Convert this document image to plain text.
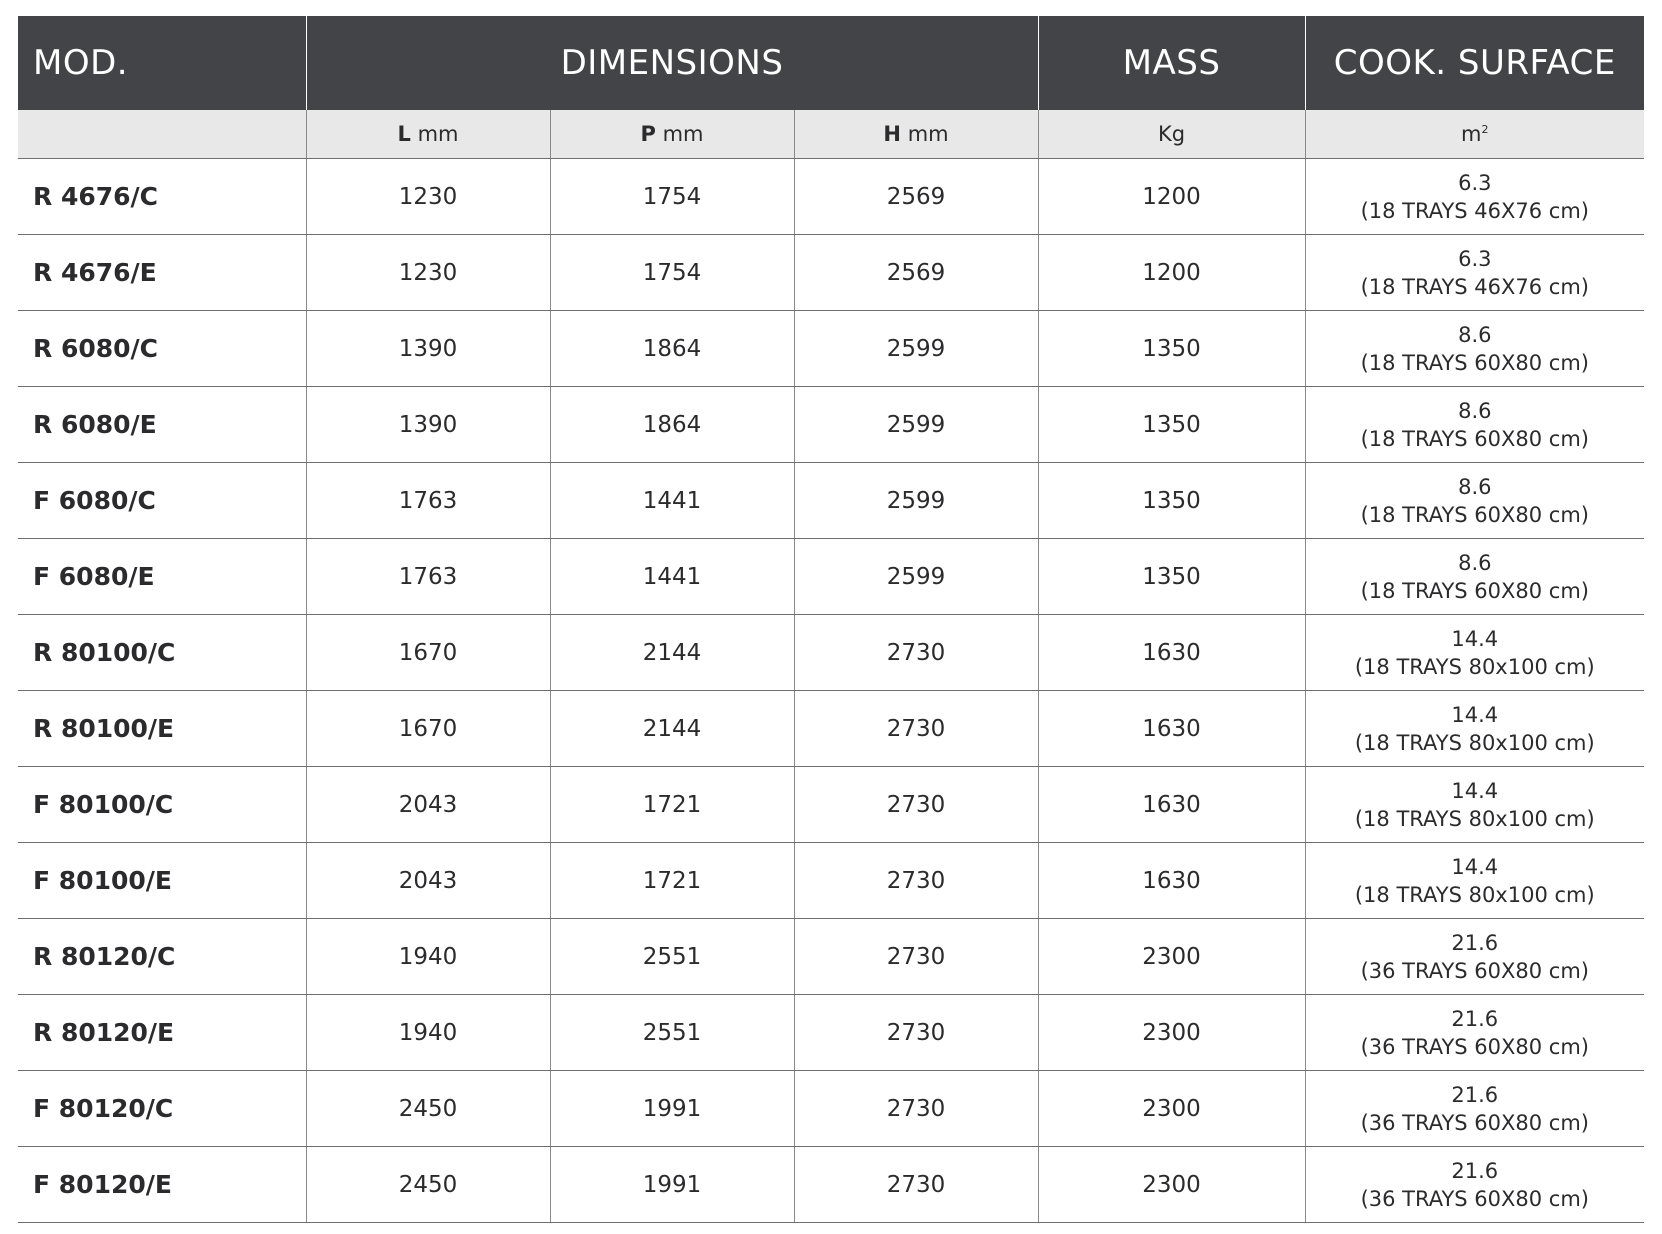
MOD.	DIMENSIONS			MASS	COOK. SURFACE
	L mm	P mm	H mm	Kg	$m^2$
R 4676/C	1230	1754	2569	1200	6.3
(18 TRAYS 46X76 cm)

R 4676/E	1230	1754	2569	1200	6.3
(18 TRAYS 46X76 cm)

R 6080/C	1390	1864	2599	1350	8.6
(18 TRAYS 60X80 cm)

R 6080/E	1390	1864	2599	1350	8.6
(18 TRAYS 60X80 cm)

F 6080/C	1763	1441	2599	1350	8.6
(18 TRAYS 60X80 cm)

F 6080/E	1763	1441	2599	1350	8.6
(18 TRAYS 60X80 cm)

R 80100/C	1670	2144	2730	1630	14.4
(18 TRAYS 80x100 cm)

R 80100/E	1670	2144	2730	1630	14.4
(18 TRAYS 80x100 cm)

F 80100/C	2043	1721	2730	1630	14.4
(18 TRAYS 80x100 cm)

F 80100/E	2043	1721	2730	1630	14.4
(18 TRAYS 80x100 cm)

R 80120/C	1940	2551	2730	2300	21.6
(36 TRAYS 60X80 cm)

R 80120/E	1940	2551	2730	2300	21.6
(36 TRAYS 60X80 cm)

F 80120/C	2450	1991	2730	2300	21.6
(36 TRAYS 60X80 cm)

F 80120/E	2450	1991	2730	2300	21.6
(36 TRAYS 60X80 cm)
